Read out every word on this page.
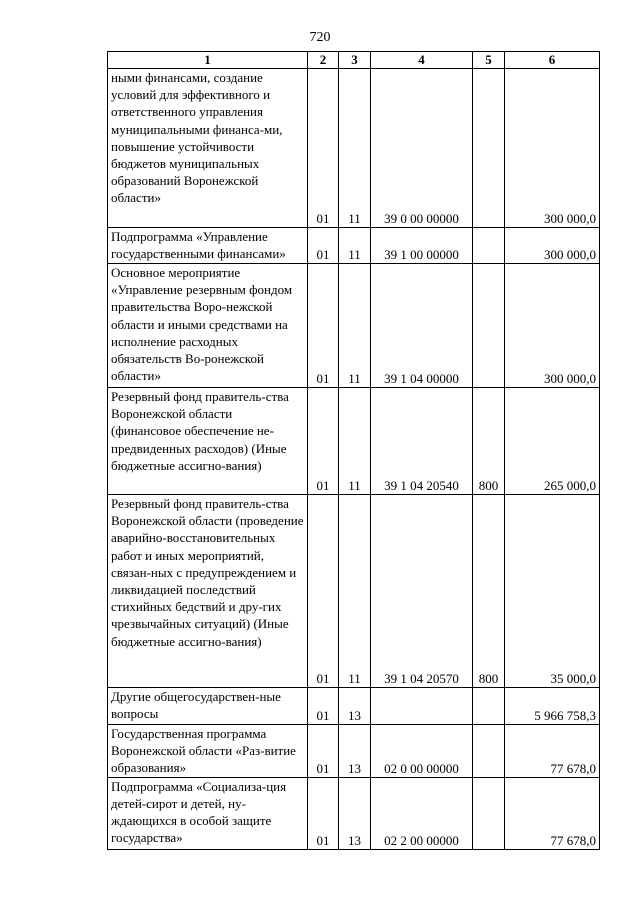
720
1	2	3	4	5	6
ными финансами, создание условий для эффективного и ответственного управления муниципальными финанса-ми, повышение устойчивости бюджетов муниципальных образований Воронежской области»	01	11	39 0 00 00000		300 000,0
Подпрограмма «Управление государственными финансами»	01	11	39 1 00 00000		300 000,0
Основное мероприятие «Управление резервным фондом правительства Воро-нежской области и иными средствами на исполнение расходных обязательств Во-ронежской области»	01	11	39 1 04 00000		300 000,0
Резервный фонд правитель-ства Воронежской области (финансовое обеспечение не-предвиденных расходов) (Иные бюджетные ассигно-вания)	01	11	39 1 04 20540	800	265 000,0
Резервный фонд правитель-ства Воронежской области (проведение аварийно-восстановительных работ и иных мероприятий, связан-ных с предупреждением и ликвидацией последствий стихийных бедствий и дру-гих чрезвычайных ситуаций) (Иные бюджетные ассигно-вания)	01	11	39 1 04 20570	800	35 000,0
Другие общегосударствен-ные вопросы	01	13			5 966 758,3
Государственная программа Воронежской области «Раз-витие образования»	01	13	02 0 00 00000		77 678,0
Подпрограмма «Социализа-ция детей-сирот и детей, ну-ждающихся в особой защите государства»	01	13	02 2 00 00000		77 678,0
